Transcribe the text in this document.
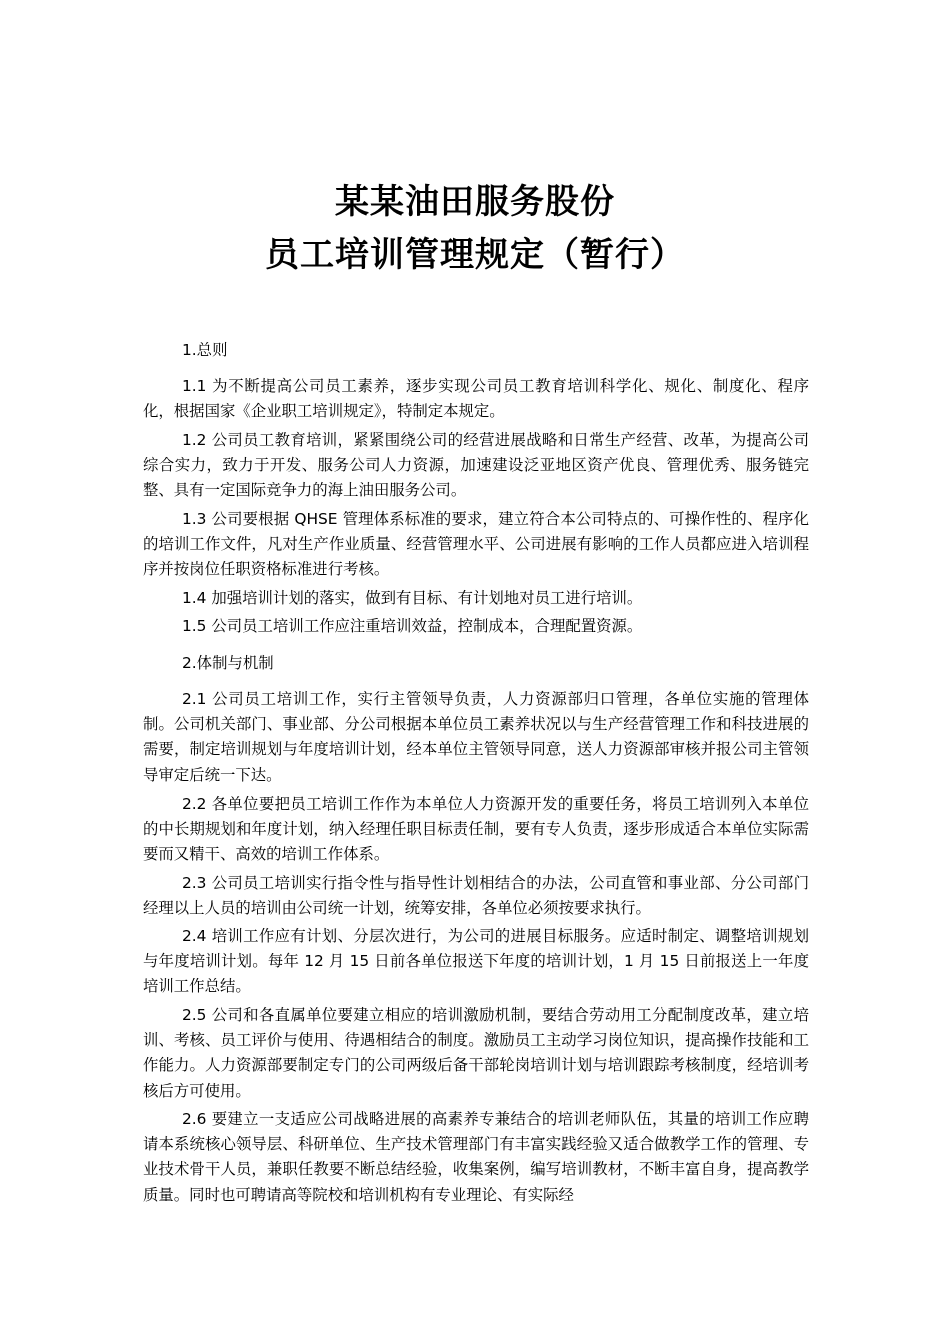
某某油田服务股份
员工培训管理规定（暂行）

1.总则

1.1 为不断提高公司员工素养，逐步实现公司员工教育培训科学化、规化、制度化、程序化，根据国家《企业职工培训规定》，特制定本规定。

1.2 公司员工教育培训，紧紧围绕公司的经营进展战略和日常生产经营、改革，为提高公司综合实力，致力于开发、服务公司人力资源，加速建设泛亚地区资产优良、管理优秀、服务链完整、具有一定国际竞争力的海上油田服务公司。

1.3 公司要根据 QHSE 管理体系标准的要求，建立符合本公司特点的、可操作性的、程序化的培训工作文件，凡对生产作业质量、经营管理水平、公司进展有影响的工作人员都应进入培训程序并按岗位任职资格标准进行考核。

1.4 加强培训计划的落实，做到有目标、有计划地对员工进行培训。

1.5 公司员工培训工作应注重培训效益，控制成本，合理配置资源。

2.体制与机制

2.1 公司员工培训工作，实行主管领导负责，人力资源部归口管理，各单位实施的管理体制。公司机关部门、事业部、分公司根据本单位员工素养状况以与生产经营管理工作和科技进展的需要，制定培训规划与年度培训计划，经本单位主管领导同意，送人力资源部审核并报公司主管领导审定后统一下达。

2.2 各单位要把员工培训工作作为本单位人力资源开发的重要任务，将员工培训列入本单位的中长期规划和年度计划，纳入经理任职目标责任制，要有专人负责，逐步形成适合本单位实际需要而又精干、高效的培训工作体系。

2.3 公司员工培训实行指令性与指导性计划相结合的办法，公司直管和事业部、分公司部门经理以上人员的培训由公司统一计划，统筹安排，各单位必须按要求执行。

2.4 培训工作应有计划、分层次进行，为公司的进展目标服务。应适时制定、调整培训规划与年度培训计划。每年 12 月 15 日前各单位报送下年度的培训计划，1 月 15 日前报送上一年度培训工作总结。

2.5 公司和各直属单位要建立相应的培训激励机制，要结合劳动用工分配制度改革，建立培训、考核、员工评价与使用、待遇相结合的制度。激励员工主动学习岗位知识，提高操作技能和工作能力。人力资源部要制定专门的公司两级后备干部轮岗培训计划与培训跟踪考核制度，经培训考核后方可使用。

2.6 要建立一支适应公司战略进展的高素养专兼结合的培训老师队伍，其量的培训工作应聘请本系统核心领导层、科研单位、生产技术管理部门有丰富实践经验又适合做教学工作的管理、专业技术骨干人员，兼职任教要不断总结经验，收集案例，编写培训教材，不断丰富自身，提高教学质量。同时也可聘请高等院校和培训机构有专业理论、有实际经
